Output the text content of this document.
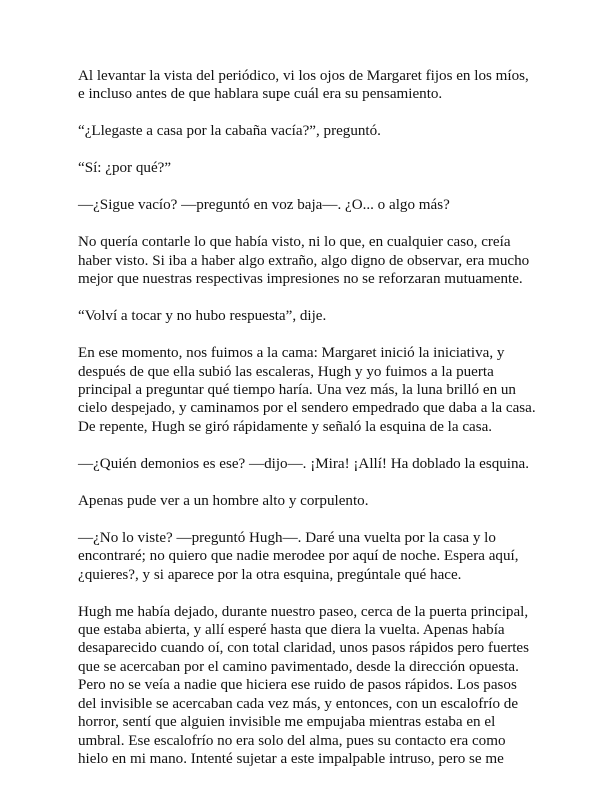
Al levantar la vista del periódico, vi los ojos de Margaret fijos en los míos,
e incluso antes de que hablara supe cuál era su pensamiento.

“¿Llegaste a casa por la cabaña vacía?”, preguntó.

“Sí: ¿por qué?”

—¿Sigue vacío? —preguntó en voz baja—. ¿O... o algo más?

No quería contarle lo que había visto, ni lo que, en cualquier caso, creía
haber visto. Si iba a haber algo extraño, algo digno de observar, era mucho
mejor que nuestras respectivas impresiones no se reforzaran mutuamente.

“Volví a tocar y no hubo respuesta”, dije.

En ese momento, nos fuimos a la cama: Margaret inició la iniciativa, y
después de que ella subió las escaleras, Hugh y yo fuimos a la puerta
principal a preguntar qué tiempo haría. Una vez más, la luna brilló en un
cielo despejado, y caminamos por el sendero empedrado que daba a la casa.
De repente, Hugh se giró rápidamente y señaló la esquina de la casa.

—¿Quién demonios es ese? —dijo—. ¡Mira! ¡Allí! Ha doblado la esquina.

Apenas pude ver a un hombre alto y corpulento.

—¿No lo viste? —preguntó Hugh—. Daré una vuelta por la casa y lo
encontraré; no quiero que nadie merodee por aquí de noche. Espera aquí,
¿quieres?, y si aparece por la otra esquina, pregúntale qué hace.

Hugh me había dejado, durante nuestro paseo, cerca de la puerta principal,
que estaba abierta, y allí esperé hasta que diera la vuelta. Apenas había
desaparecido cuando oí, con total claridad, unos pasos rápidos pero fuertes
que se acercaban por el camino pavimentado, desde la dirección opuesta.
Pero no se veía a nadie que hiciera ese ruido de pasos rápidos. Los pasos
del invisible se acercaban cada vez más, y entonces, con un escalofrío de
horror, sentí que alguien invisible me empujaba mientras estaba en el
umbral. Ese escalofrío no era solo del alma, pues su contacto era como
hielo en mi mano. Intenté sujetar a este impalpable intruso, pero se me
